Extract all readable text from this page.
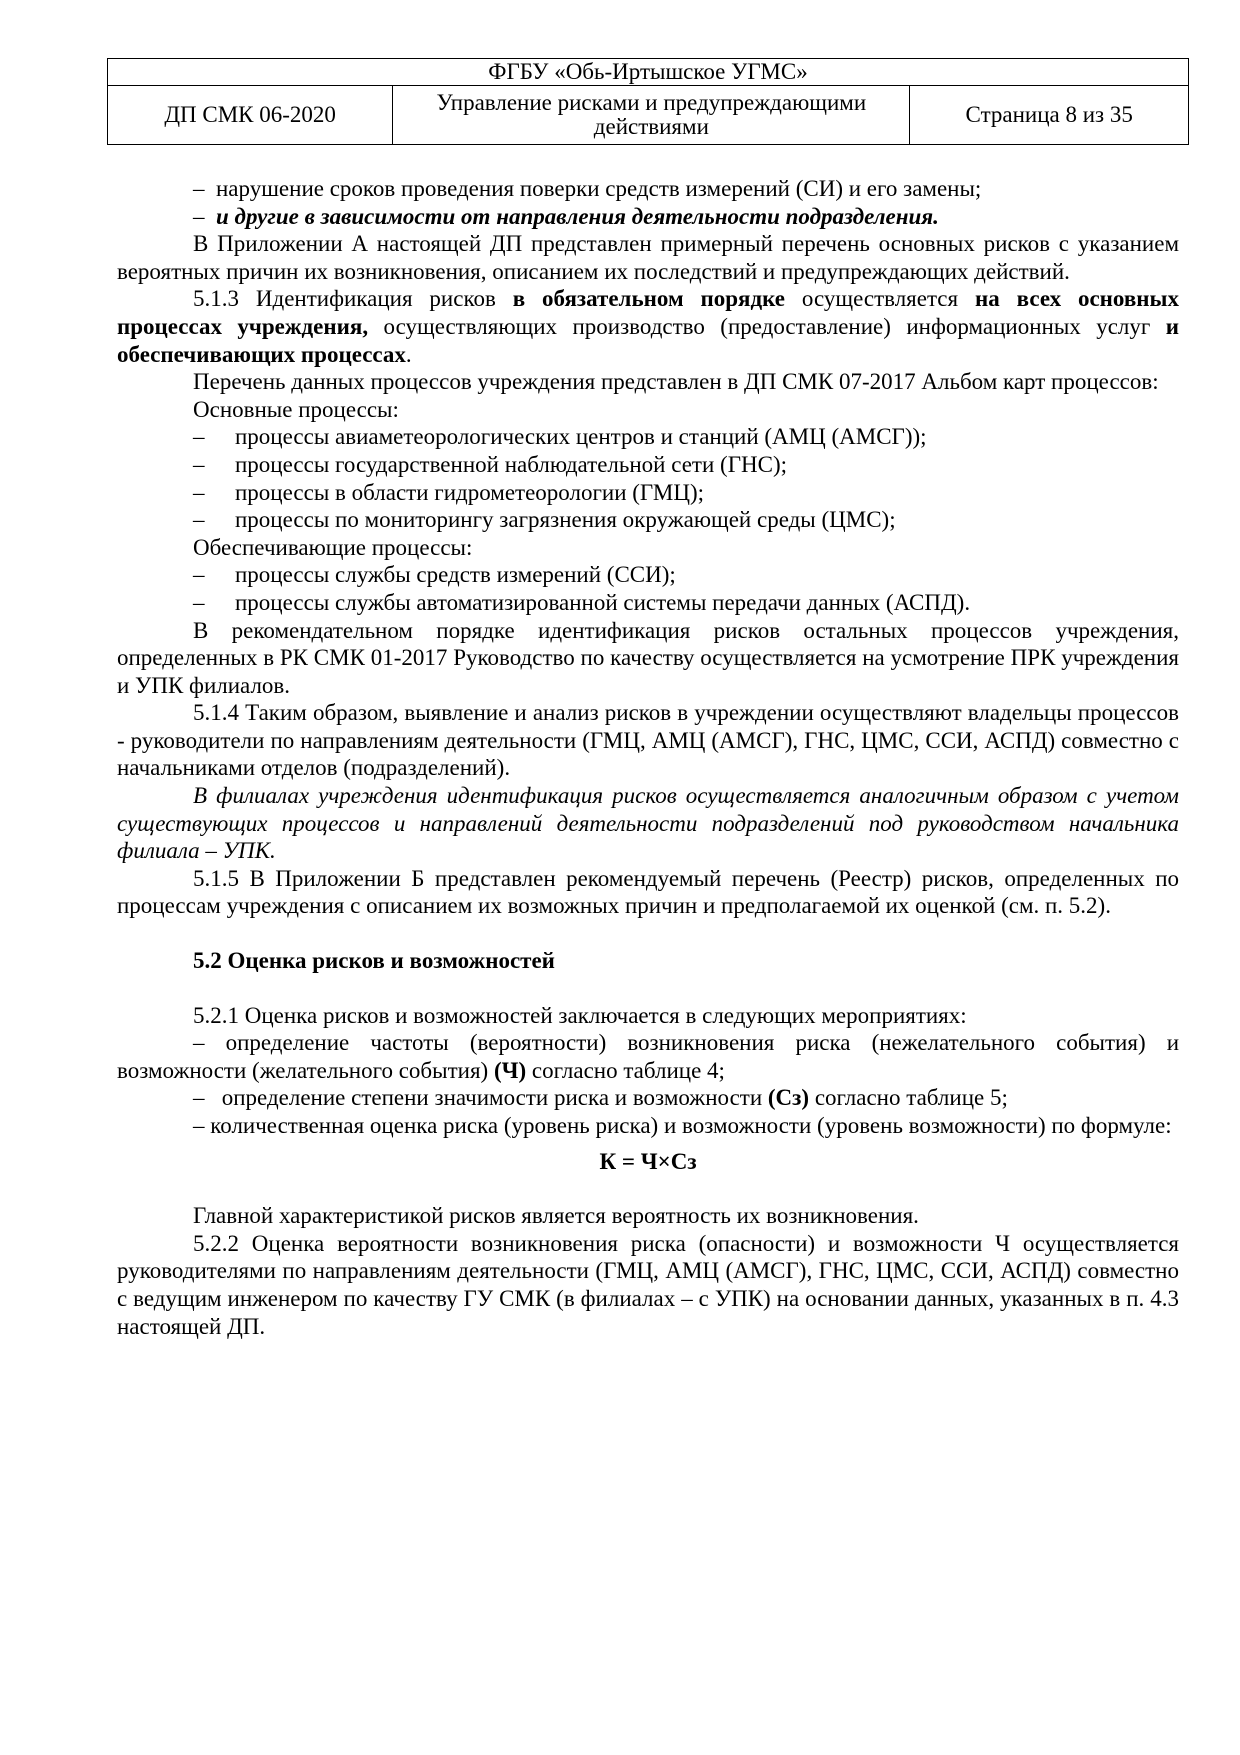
ФГБУ «Обь-Иртышское УГМС»
ДП СМК 06-2020	Управление рисками и предупреждающими действиями	Страница 8 из 35

– нарушение сроков проведения поверки средств измерений (СИ) и его замены;

– и другие в зависимости от направления деятельности подразделения.

В Приложении А настоящей ДП представлен примерный перечень основных рисков с указанием вероятных причин их возникновения, описанием их последствий и предупреждающих действий.

5.1.3 Идентификация рисков в обязательном порядке осуществляется на всех основных процессах учреждения, осуществляющих производство (предоставление) информационных услуг и обеспечивающих процессах.

Перечень данных процессов учреждения представлен в ДП СМК 07-2017 Альбом карт процессов:

Основные процессы:

–	процессы авиаметеорологических центров и станций (АМЦ (АМСГ));
–	процессы государственной наблюдательной сети (ГНС);
–	процессы в области гидрометеорологии (ГМЦ);
–	процессы по мониторингу загрязнения окружающей среды (ЦМС);

Обеспечивающие процессы:

–	процессы службы средств измерений (ССИ);
–	процессы службы автоматизированной системы передачи данных (АСПД).

В рекомендательном порядке идентификация рисков остальных процессов учреждения, определенных в РК СМК 01-2017 Руководство по качеству осуществляется на усмотрение ПРК учреждения и УПК филиалов.

5.1.4 Таким образом, выявление и анализ рисков в учреждении осуществляют владельцы процессов - руководители по направлениям деятельности (ГМЦ, АМЦ (АМСГ), ГНС, ЦМС, ССИ, АСПД) совместно с начальниками отделов (подразделений).

В филиалах учреждения идентификация рисков осуществляется аналогичным образом с учетом существующих процессов и направлений деятельности подразделений под руководством начальника филиала – УПК.

5.1.5 В Приложении Б представлен рекомендуемый перечень (Реестр) рисков, определенных по процессам учреждения с описанием их возможных причин и предполагаемой их оценкой (см. п. 5.2).

5.2 Оценка рисков и возможностей

5.2.1 Оценка рисков и возможностей заключается в следующих мероприятиях:

– определение частоты (вероятности) возникновения риска (нежелательного события) и возможности (желательного события) (Ч) согласно таблице 4;

– определение степени значимости риска и возможности (Сз) согласно таблице 5;

– количественная оценка риска (уровень риска) и возможности (уровень возможности) по формуле:

К = Ч×Сз

Главной характеристикой рисков является вероятность их возникновения.

5.2.2 Оценка вероятности возникновения риска (опасности) и возможности Ч осуществляется руководителями по направлениям деятельности (ГМЦ, АМЦ (АМСГ), ГНС, ЦМС, ССИ, АСПД) совместно с ведущим инженером по качеству ГУ СМК (в филиалах – с УПК) на основании данных, указанных в п. 4.3 настоящей ДП.
